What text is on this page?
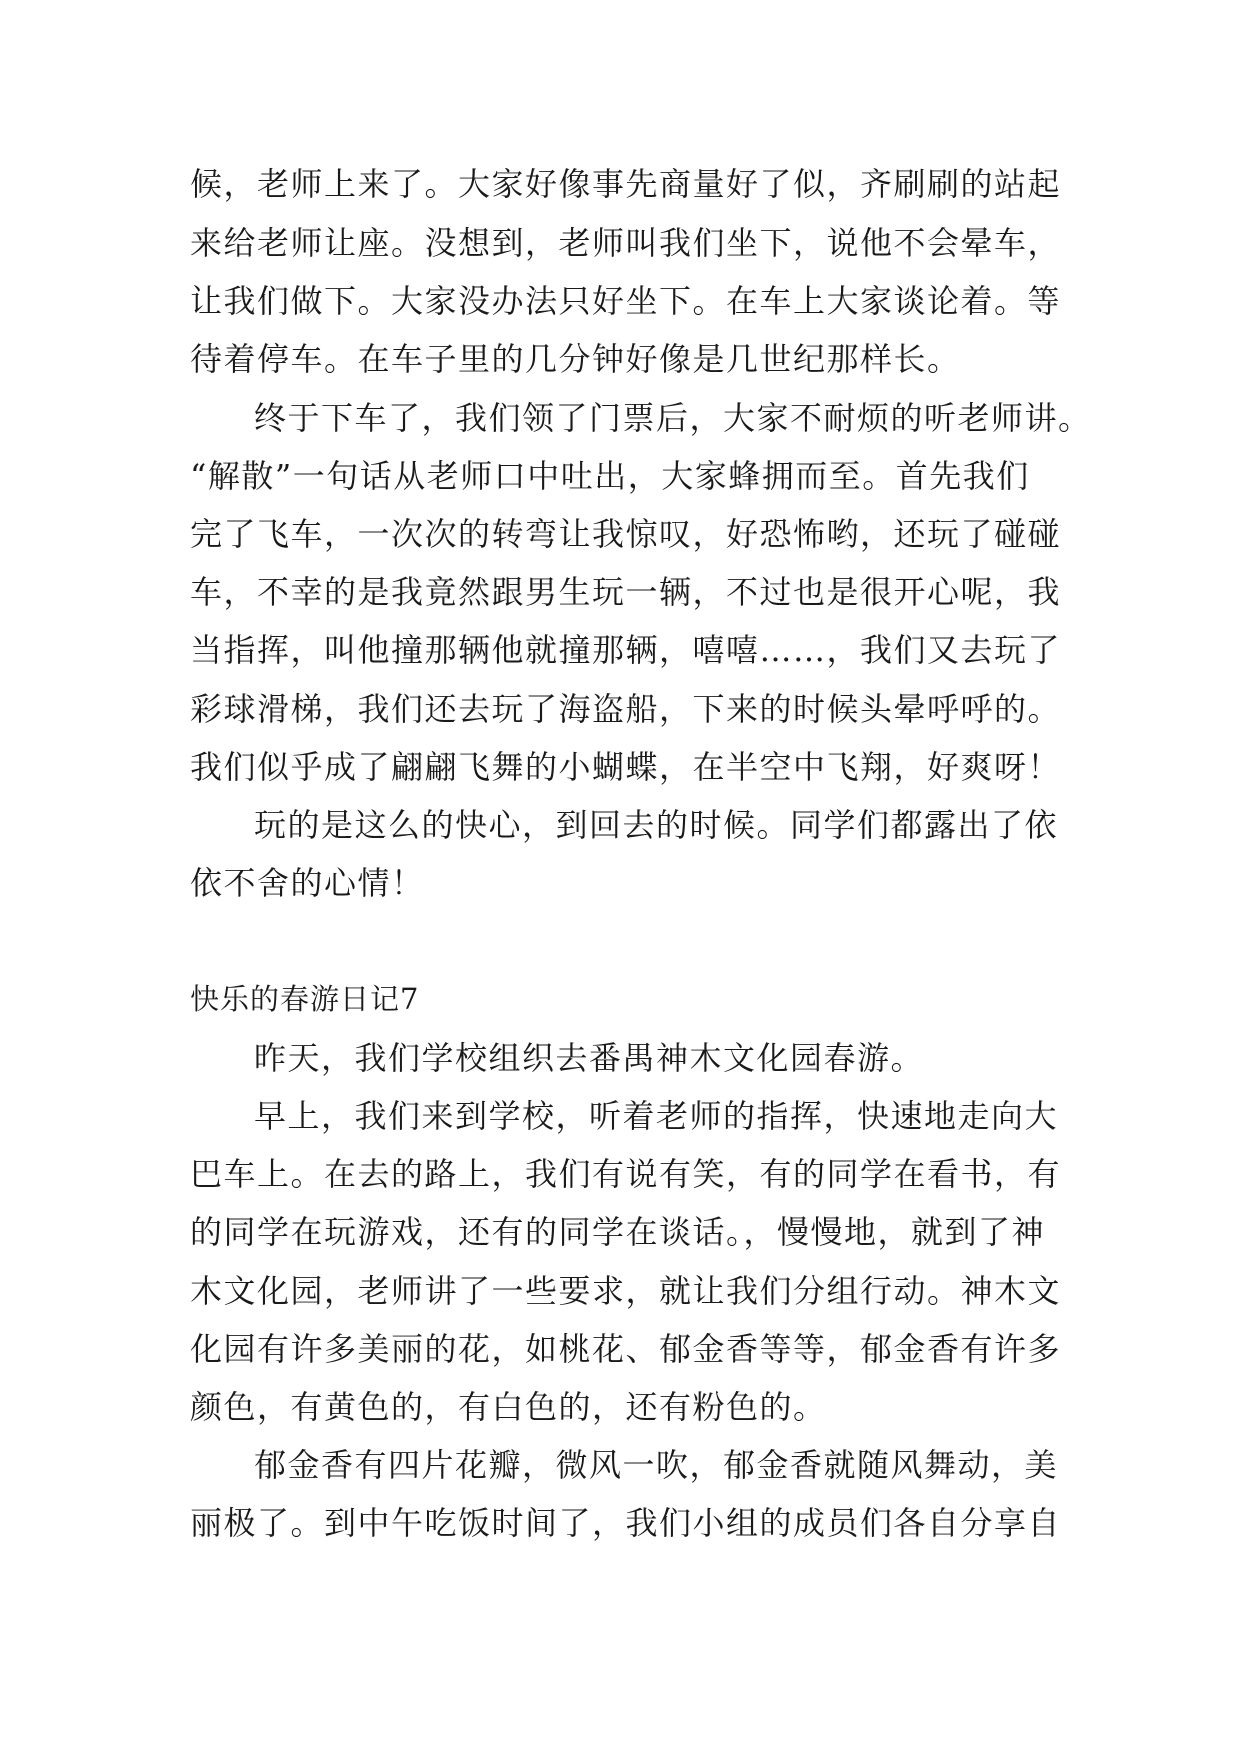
候，老师上来了。大家好像事先商量好了似，齐刷刷的站起
来给老师让座。没想到，老师叫我们坐下，说他不会晕车，
让我们做下。大家没办法只好坐下。在车上大家谈论着。等
待着停车。在车子里的几分钟好像是几世纪那样长。
终于下车了，我们领了门票后，大家不耐烦的听老师讲。
“解散”一句话从老师口中吐出，大家蜂拥而至。首先我们
完了飞车，一次次的转弯让我惊叹，好恐怖哟，还玩了碰碰
车，不幸的是我竟然跟男生玩一辆，不过也是很开心呢，我
当指挥，叫他撞那辆他就撞那辆，嘻嘻……，我们又去玩了
彩球滑梯，我们还去玩了海盗船，下来的时候头晕呼呼的。
我们似乎成了翩翩飞舞的小蝴蝶，在半空中飞翔，好爽呀！
玩的是这么的快心，到回去的时候。同学们都露出了依
依不舍的心情！
快乐的春游日记7
昨天，我们学校组织去番禺神木文化园春游。
早上，我们来到学校，听着老师的指挥，快速地走向大
巴车上。在去的路上，我们有说有笑，有的同学在看书，有
的同学在玩游戏，还有的同学在谈话。，慢慢地，就到了神
木文化园，老师讲了一些要求，就让我们分组行动。神木文
化园有许多美丽的花，如桃花、郁金香等等，郁金香有许多
颜色，有黄色的，有白色的，还有粉色的。
郁金香有四片花瓣，微风一吹，郁金香就随风舞动，美
丽极了。到中午吃饭时间了，我们小组的成员们各自分享自
